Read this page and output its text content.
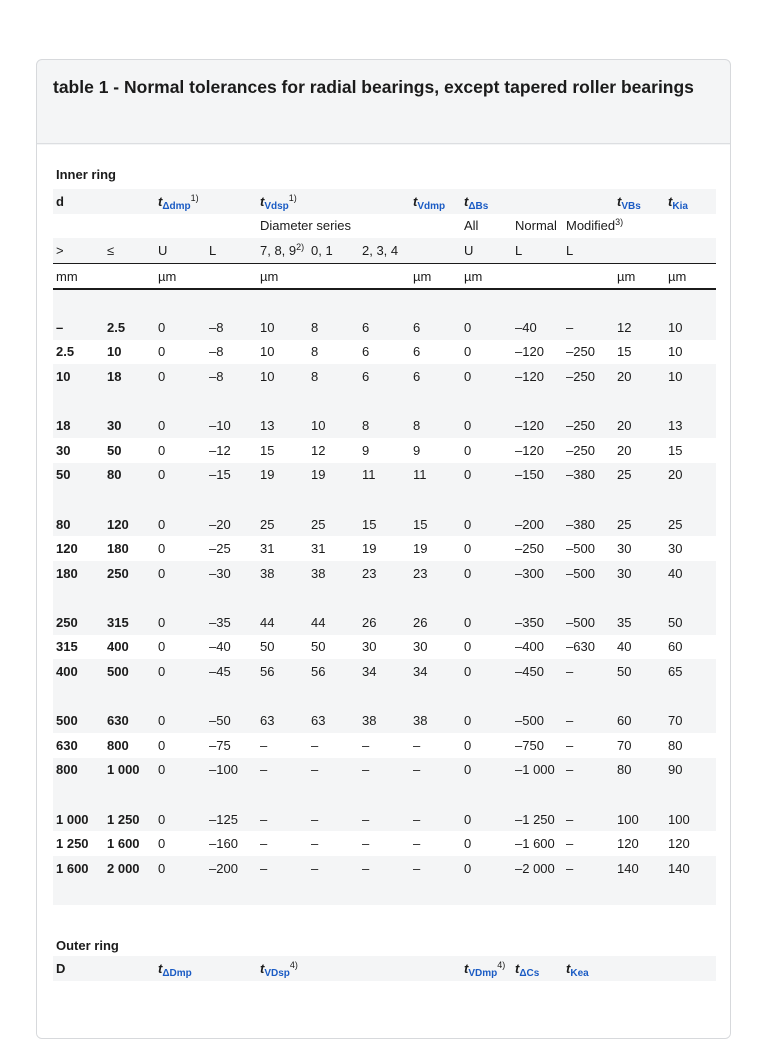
table 1 - Normal tolerances for radial bearings, except tapered roller bearings
Inner ring												
d		$t_{\Delta dmp}^{1)}$		$t_{Vdsp}^{1)}$			$t_{Vdmp}$	$t_{\Delta Bs}$			$t_{VBs}$	$t_{Kia}$
				Diameter series				All	Normal	Modified$^{3)}$		
>	≤	U	L	7, 8, 9$^{2)}$	0, 1	2, 3, 4		U	L	L		
mm		µm		µm			µm	µm			µm	µm

–	2.5	0	–8	10	8	6	6	0	–40	–	12	10
2.5	10	0	–8	10	8	6	6	0	–120	–250	15	10
10	18	0	–8	10	8	6	6	0	–120	–250	20	10

18	30	0	–10	13	10	8	8	0	–120	–250	20	13
30	50	0	–12	15	12	9	9	0	–120	–250	20	15
50	80	0	–15	19	19	11	11	0	–150	–380	25	20

80	120	0	–20	25	25	15	15	0	–200	–380	25	25
120	180	0	–25	31	31	19	19	0	–250	–500	30	30
180	250	0	–30	38	38	23	23	0	–300	–500	30	40

250	315	0	–35	44	44	26	26	0	–350	–500	35	50
315	400	0	–40	50	50	30	30	0	–400	–630	40	60
400	500	0	–45	56	56	34	34	0	–450	–	50	65

500	630	0	–50	63	63	38	38	0	–500	–	60	70
630	800	0	–75	–	–	–	–	0	–750	–	70	80
800	1 000	0	–100	–	–	–	–	0	–1 000	–	80	90

1 000	1 250	0	–125	–	–	–	–	0	–1 250	–	100	100
1 250	1 600	0	–160	–	–	–	–	0	–1 600	–	120	120
1 600	2 000	0	–200	–	–	–	–	0	–2 000	–	140	140

Outer ring												
D		$t_{\Delta Dmp}$		$t_{VDsp}^{4)}$				$t_{VDmp}^{4)}$	$t_{\Delta Cs}$	$t_{Kea}$		
